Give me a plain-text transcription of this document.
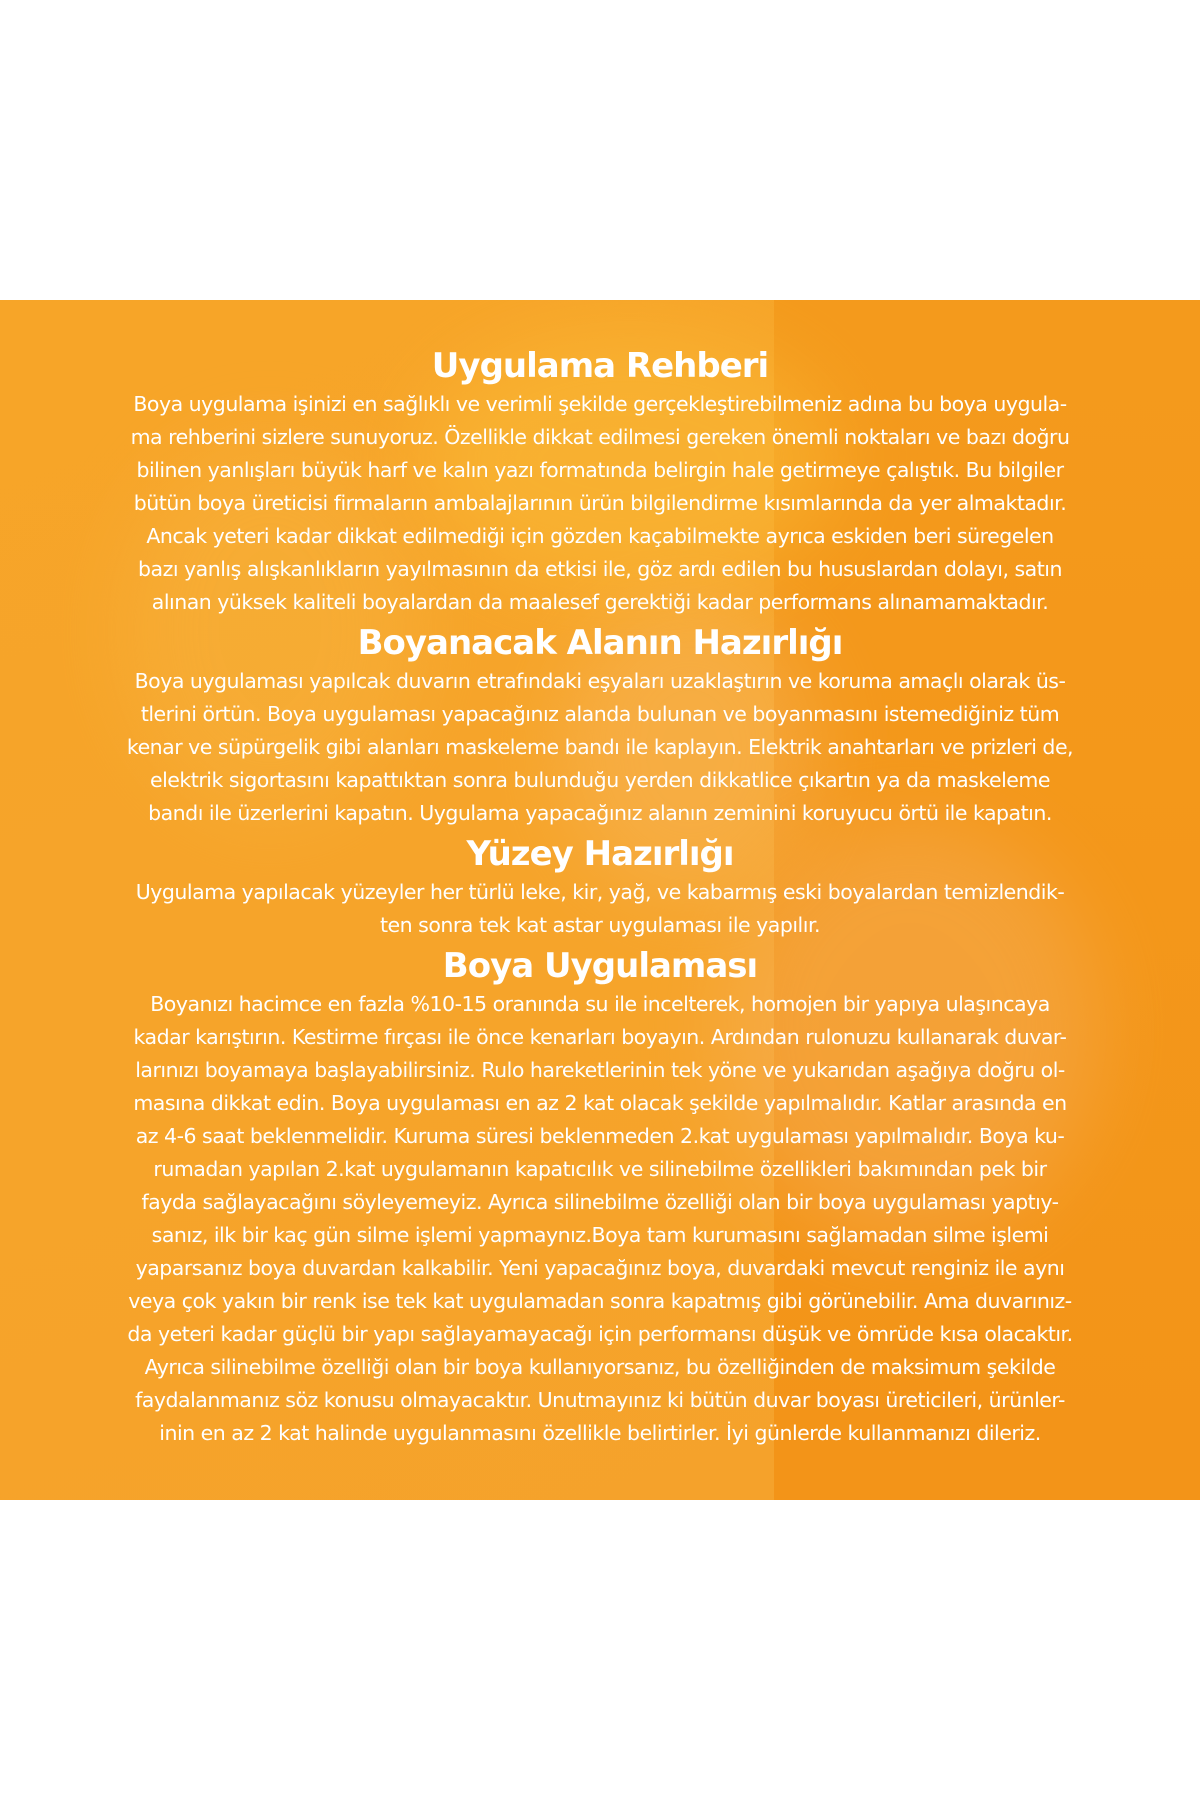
Uygulama Rehberi

Boya uygulama işinizi en sağlıklı ve verimli şekilde gerçekleştirebilmeniz adına bu boya uygula-
ma rehberini sizlere sunuyoruz. Özellikle dikkat edilmesi gereken önemli noktaları ve bazı doğru
bilinen yanlışları büyük harf ve kalın yazı formatında belirgin hale getirmeye çalıştık. Bu bilgiler
bütün boya üreticisi firmaların ambalajlarının ürün bilgilendirme kısımlarında da yer almaktadır.
Ancak yeteri kadar dikkat edilmediği için gözden kaçabilmekte ayrıca eskiden beri süregelen
bazı yanlış alışkanlıkların yayılmasının da etkisi ile, göz ardı edilen bu hususlardan dolayı, satın
alınan yüksek kaliteli boyalardan da maalesef gerektiği kadar performans alınamamaktadır.

Boyanacak Alanın Hazırlığı

Boya uygulaması yapılcak duvarın etrafındaki eşyaları uzaklaştırın ve koruma amaçlı olarak üs-
tlerini örtün. Boya uygulaması yapacağınız alanda bulunan ve boyanmasını istemediğiniz tüm
kenar ve süpürgelik gibi alanları maskeleme bandı ile kaplayın. Elektrik anahtarları ve prizleri de,
elektrik sigortasını kapattıktan sonra bulunduğu yerden dikkatlice çıkartın ya da maskeleme
bandı ile üzerlerini kapatın. Uygulama yapacağınız alanın zeminini koruyucu örtü ile kapatın.

Yüzey Hazırlığı

Uygulama yapılacak yüzeyler her türlü leke, kir, yağ, ve kabarmış eski boyalardan temizlendik-
ten sonra tek kat astar uygulaması ile yapılır.

Boya Uygulaması

Boyanızı hacimce en fazla %10-15 oranında su ile incelterek, homojen bir yapıya ulaşıncaya
kadar karıştırın. Kestirme fırçası ile önce kenarları boyayın. Ardından rulonuzu kullanarak duvar-
larınızı boyamaya başlayabilirsiniz. Rulo hareketlerinin tek yöne ve yukarıdan aşağıya doğru ol-
masına dikkat edin. Boya uygulaması en az 2 kat olacak şekilde yapılmalıdır. Katlar arasında en
az 4-6 saat beklenmelidir. Kuruma süresi beklenmeden 2.kat uygulaması yapılmalıdır. Boya ku-
rumadan yapılan 2.kat uygulamanın kapatıcılık ve silinebilme özellikleri bakımından pek bir
fayda sağlayacağını söyleyemeyiz. Ayrıca silinebilme özelliği olan bir boya uygulaması yaptıy-
sanız, ilk bir kaç gün silme işlemi yapmaynız.Boya tam kurumasını sağlamadan silme işlemi
yaparsanız boya duvardan kalkabilir. Yeni yapacağınız boya, duvardaki mevcut renginiz ile aynı
veya çok yakın bir renk ise tek kat uygulamadan sonra kapatmış gibi görünebilir. Ama duvarınız-
da yeteri kadar güçlü bir yapı sağlayamayacağı için performansı düşük ve ömrüde kısa olacaktır.
Ayrıca silinebilme özelliği olan bir boya kullanıyorsanız, bu özelliğinden de maksimum şekilde
faydalanmanız söz konusu olmayacaktır. Unutmayınız ki bütün duvar boyası üreticileri, ürünler-
inin en az 2 kat halinde uygulanmasını özellikle belirtirler. İyi günlerde kullanmanızı dileriz.
